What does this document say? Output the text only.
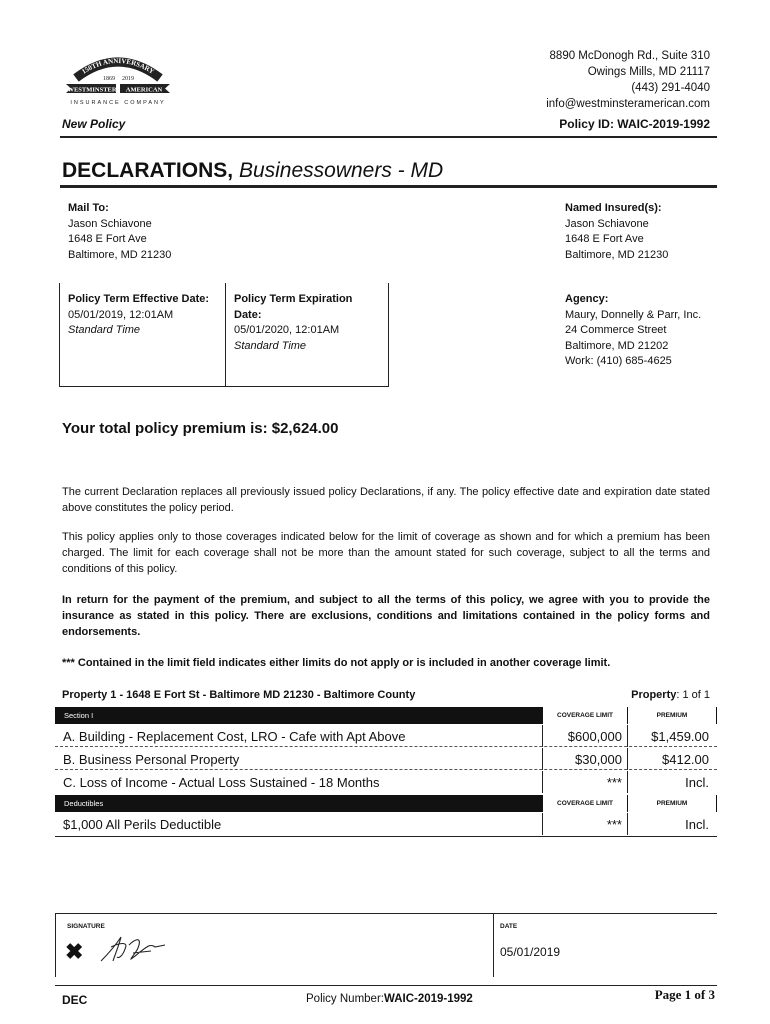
150TH ANNIVERSARY
1869 2019
WESTMINSTER AMERICAN
INSURANCE COMPANY
8890 McDonogh Rd., Suite 310
Owings Mills, MD 21117
(443) 291-4040
info@westminsteramerican.com
New Policy	Policy ID: WAIC-2019-1992
DECLARATIONS, Businessowners - MD
Mail To:
Jason Schiavone
1648 E Fort Ave
Baltimore, MD 21230
Named Insured(s):
Jason Schiavone
1648 E Fort Ave
Baltimore, MD 21230
Policy Term Effective Date:
05/01/2019, 12:01AM
Standard Time
Policy Term Expiration
Date:
05/01/2020, 12:01AM
Standard Time
Agency:
Maury, Donnelly & Parr, Inc.
24 Commerce Street
Baltimore, MD 21202
Work: (410) 685-4625
Your total policy premium is: $2,624.00
The current Declaration replaces all previously issued policy Declarations, if any. The policy effective date and expiration date stated above constitutes the policy period.
This policy applies only to those coverages indicated below for the limit of coverage as shown and for which a premium has been charged. The limit for each coverage shall not be more than the amount stated for such coverage, subject to all the terms and conditions of this policy.
In return for the payment of the premium, and subject to all the terms of this policy, we agree with you to provide the insurance as stated in this policy. There are exclusions, conditions and limitations contained in the policy forms and endorsements.
*** Contained in the limit field indicates either limits do not apply or is included in another coverage limit.
Property 1 - 1648 E Fort St - Baltimore MD 21230 - Baltimore County	Property: 1 of 1
Section I	COVERAGE LIMIT	PREMIUM
A. Building - Replacement Cost, LRO - Cafe with Apt Above	$600,000 $1,459.00
B. Business Personal Property	$30,000	$412.00
C. Loss of Income - Actual Loss Sustained - 18 Months	***	Incl.
Deductibles	COVERAGE LIMIT	PREMIUM
$1,000 All Perils Deductible	***	Incl.
SIGNATURE
✖
DATE
05/01/2019
DEC	Policy Number:WAIC-2019-1992	Page 1 of 3
